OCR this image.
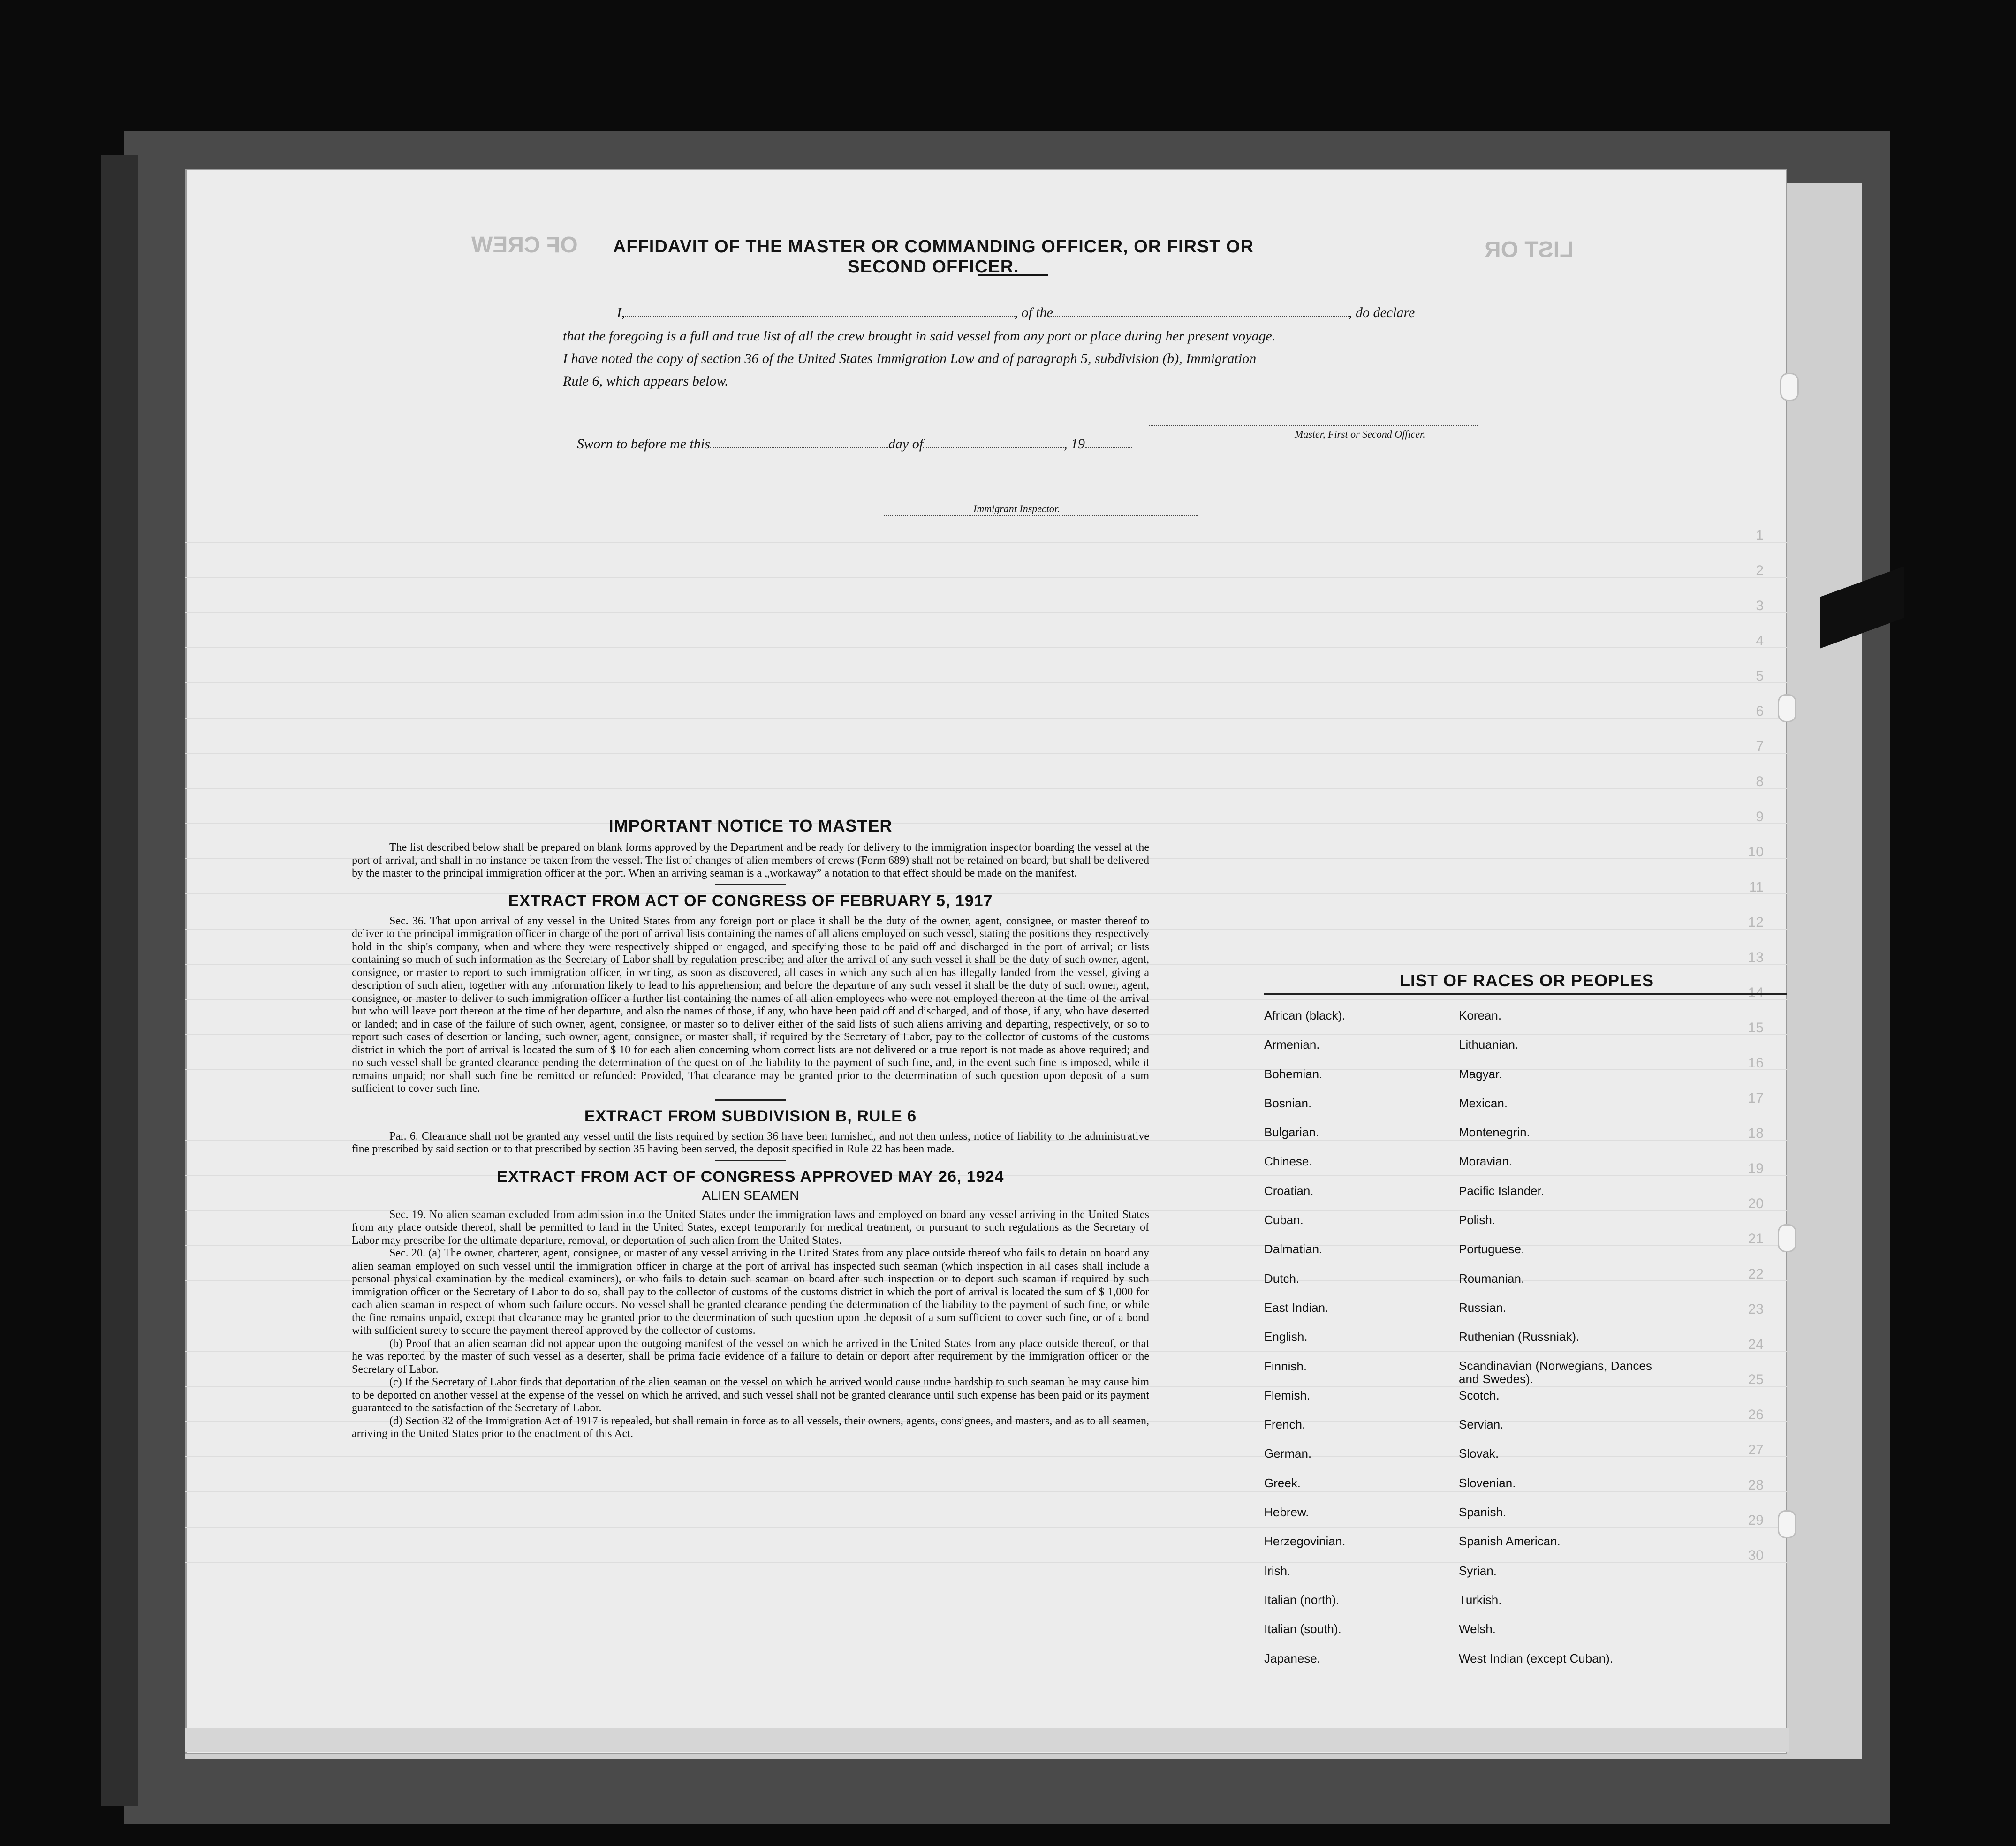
OF CREW	LIST OR
1
2
3
4
5
6
7
8
9
10
11
12
13
14
15
16
17
18
19
20
21
22
23
24
25
26
27
28
29
30
AFFIDAVIT OF THE MASTER OR COMMANDING OFFICER, OR FIRST OR SECOND OFFICER.
I,	, of the	, do declare
that the foregoing is a full and true list of all the crew brought in said vessel from any port or place during her present voyage.
I have noted the copy of section 36 of the United States Immigration Law and of paragraph 5, subdivision (b), Immigration
Rule 6, which appears below.
Master, First or Second Officer.
Sworn to before me this	day of	, 19
Immigrant Inspector.
IMPORTANT NOTICE TO MASTER

The list described below shall be prepared on blank forms approved by the Department and be ready for delivery to the immigration inspector boarding the vessel at the port of arrival, and shall in no instance be taken from the vessel. The list of changes of alien members of crews (Form 689) shall not be retained on board, but shall be delivered by the master to the principal immigration officer at the port. When an arriving seaman is a „workaway” a notation to that effect should be made on the manifest.

EXTRACT FROM ACT OF CONGRESS OF FEBRUARY 5, 1917

Sec. 36. That upon arrival of any vessel in the United States from any foreign port or place it shall be the duty of the owner, agent, consignee, or master thereof to deliver to the principal immigration officer in charge of the port of arrival lists containing the names of all aliens employed on such vessel, stating the positions they respectively hold in the ship's company, when and where they were respectively shipped or engaged, and specifying those to be paid off and discharged in the port of arrival; or lists containing so much of such information as the Secretary of Labor shall by regulation prescribe; and after the arrival of any such vessel it shall be the duty of such owner, agent, consignee, or master to report to such immigration officer, in writing, as soon as discovered, all cases in which any such alien has illegally landed from the vessel, giving a description of such alien, together with any information likely to lead to his apprehension; and before the departure of any such vessel it shall be the duty of such owner, agent, consignee, or master to deliver to such immigration officer a further list containing the names of all alien employees who were not employed thereon at the time of the arrival but who will leave port thereon at the time of her departure, and also the names of those, if any, who have been paid off and discharged, and of those, if any, who have deserted or landed; and in case of the failure of such owner, agent, consignee, or master so to deliver either of the said lists of such aliens arriving and departing, respectively, or so to report such cases of desertion or landing, such owner, agent, consignee, or master shall, if required by the Secretary of Labor, pay to the collector of customs of the customs district in which the port of arrival is located the sum of $ 10 for each alien concerning whom correct lists are not delivered or a true report is not made as above required; and no such vessel shall be granted clearance pending the determination of the question of the liability to the payment of such fine, and, in the event such fine is imposed, while it remains unpaid; nor shall such fine be remitted or refunded: Provided, That clearance may be granted prior to the determination of such question upon deposit of a sum sufficient to cover such fine.

EXTRACT FROM SUBDIVISION B, RULE 6

Par. 6. Clearance shall not be granted any vessel until the lists required by section 36 have been furnished, and not then unless, notice of liability to the administrative fine prescribed by said section or to that prescribed by section 35 having been served, the deposit specified in Rule 22 has been made.

EXTRACT FROM ACT OF CONGRESS APPROVED MAY 26, 1924
ALIEN SEAMEN

Sec. 19. No alien seaman excluded from admission into the United States under the immigration laws and employed on board any vessel arriving in the United States from any place outside thereof, shall be permitted to land in the United States, except temporarily for medical treatment, or pursuant to such regulations as the Secretary of Labor may prescribe for the ultimate departure, removal, or deportation of such alien from the United States.

Sec. 20. (a) The owner, charterer, agent, consignee, or master of any vessel arriving in the United States from any place outside thereof who fails to detain on board any alien seaman employed on such vessel until the immigration officer in charge at the port of arrival has inspected such seaman (which inspection in all cases shall include a personal physical examination by the medical examiners), or who fails to detain such seaman on board after such inspection or to deport such seaman if required by such immigration officer or the Secretary of Labor to do so, shall pay to the collector of customs of the customs district in which the port of arrival is located the sum of $ 1,000 for each alien seaman in respect of whom such failure occurs. No vessel shall be granted clearance pending the determination of the liability to the payment of such fine, or while the fine remains unpaid, except that clearance may be granted prior to the determination of such question upon the deposit of a sum sufficient to cover such fine, or of a bond with sufficient surety to secure the payment thereof approved by the collector of customs.

(b) Proof that an alien seaman did not appear upon the outgoing manifest of the vessel on which he arrived in the United States from any place outside thereof, or that he was reported by the master of such vessel as a deserter, shall be prima facie evidence of a failure to detain or deport after requirement by the immigration officer or the Secretary of Labor.

(c) If the Secretary of Labor finds that deportation of the alien seaman on the vessel on which he arrived would cause undue hardship to such seaman he may cause him to be deported on another vessel at the expense of the vessel on which he arrived, and such vessel shall not be granted clearance until such expense has been paid or its payment guaranteed to the satisfaction of the Secretary of Labor.

(d) Section 32 of the Immigration Act of 1917 is repealed, but shall remain in force as to all vessels, their owners, agents, consignees, and masters, and as to all seamen, arriving in the United States prior to the enactment of this Act.

LIST OF RACES OR PEOPLES
African (black).
Armenian.
Bohemian.
Bosnian.
Bulgarian.
Chinese.
Croatian.
Cuban.
Dalmatian.
Dutch.
East Indian.
English.
Finnish.
Flemish.
French.
German.
Greek.
Hebrew.
Herzegovinian.
Irish.
Italian (north).
Italian (south).
Japanese.
Korean.
Lithuanian.
Magyar.
Mexican.
Montenegrin.
Moravian.
Pacific Islander.
Polish.
Portuguese.
Roumanian.
Russian.
Ruthenian (Russniak).
Scandinavian (Norwegians, Dances and Swedes).
Scotch.
Servian.
Slovak.
Slovenian.
Spanish.
Spanish American.
Syrian.
Turkish.
Welsh.
West Indian (except Cuban).
